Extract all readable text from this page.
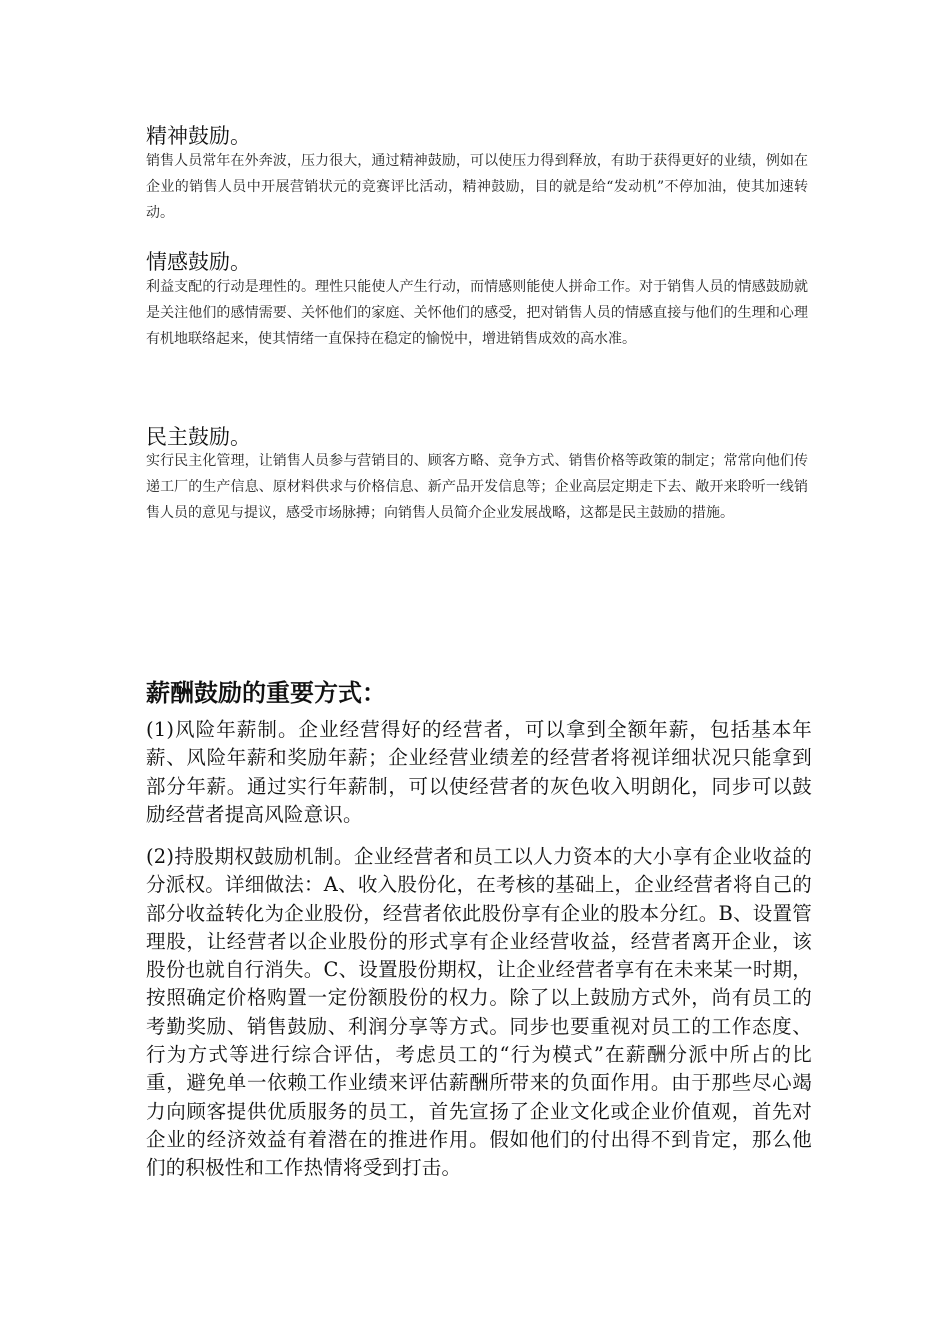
精神鼓励。

销售人员常年在外奔波，压力很大，通过精神鼓励，可以使压力得到释放，有助于获得更好的业绩，例如在企业的销售人员中开展营销状元的竞赛评比活动，精神鼓励，目的就是给“发动机”不停加油，使其加速转动。

情感鼓励。

利益支配的行动是理性的。理性只能使人产生行动，而情感则能使人拼命工作。对于销售人员的情感鼓励就是关注他们的感情需要、关怀他们的家庭、关怀他们的感受，把对销售人员的情感直接与他们的生理和心理有机地联络起来，使其情绪一直保持在稳定的愉悦中，增进销售成效的高水准。

民主鼓励。

实行民主化管理，让销售人员参与营销目的、顾客方略、竞争方式、销售价格等政策的制定；常常向他们传递工厂的生产信息、原材料供求与价格信息、新产品开发信息等；企业高层定期走下去、敞开来聆听一线销售人员的意见与提议，感受市场脉搏；向销售人员简介企业发展战略，这都是民主鼓励的措施。

薪酬鼓励的重要方式：

(1)风险年薪制。企业经营得好的经营者，可以拿到全额年薪，包括基本年薪、风险年薪和奖励年薪；企业经营业绩差的经营者将视详细状况只能拿到部分年薪。通过实行年薪制，可以使经营者的灰色收入明朗化，同步可以鼓励经营者提高风险意识。

(2)持股期权鼓励机制。企业经营者和员工以人力资本的大小享有企业收益的分派权。详细做法：A、收入股份化，在考核的基础上，企业经营者将自己的部分收益转化为企业股份，经营者依此股份享有企业的股本分红。B、设置管理股，让经营者以企业股份的形式享有企业经营收益，经营者离开企业，该股份也就自行消失。C、设置股份期权，让企业经营者享有在未来某一时期，按照确定价格购置一定份额股份的权力。除了以上鼓励方式外，尚有员工的考勤奖励、销售鼓励、利润分享等方式。同步也要重视对员工的工作态度、行为方式等进行综合评估，考虑员工的“行为模式”在薪酬分派中所占的比重，避免单一依赖工作业绩来评估薪酬所带来的负面作用。由于那些尽心竭力向顾客提供优质服务的员工，首先宣扬了企业文化或企业价值观，首先对企业的经济效益有着潜在的推进作用。假如他们的付出得不到肯定，那么他们的积极性和工作热情将受到打击。
